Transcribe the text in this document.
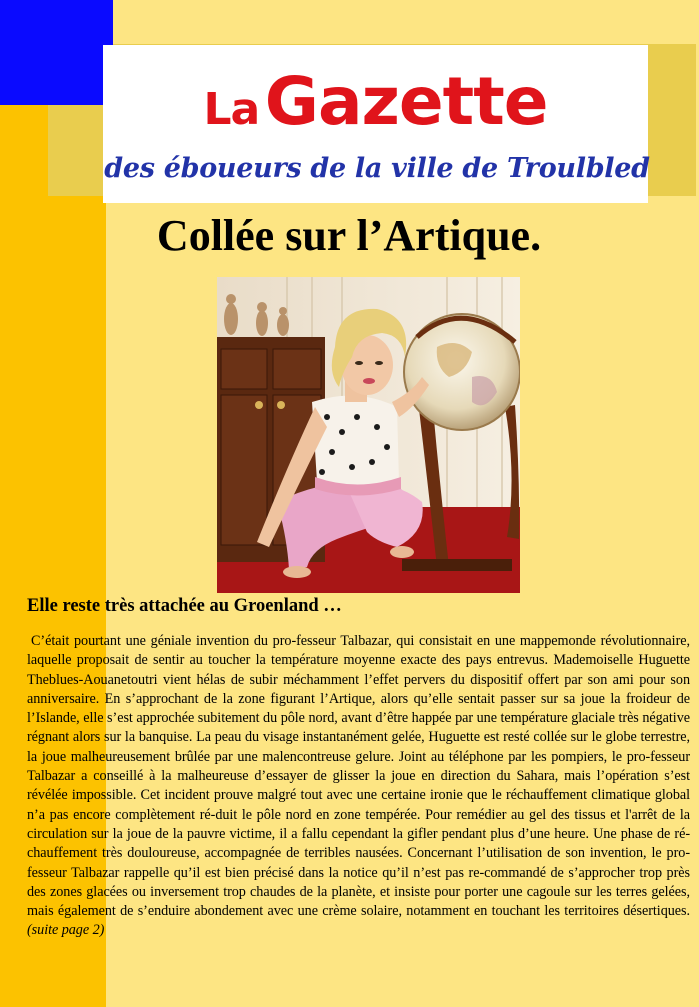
La Gazette
des éboueurs de la ville de Troulbled
Collée sur l’Artique.
Elle reste très attachée au Groenland …

C’était pourtant une géniale invention du pro-fesseur Talbazar, qui consistait en une mappemonde révolutionnaire, laquelle proposait de sentir au toucher la température moyenne exacte des pays entrevus. Mademoiselle Huguette Theblues-Aouanetoutri vient hélas de subir méchamment l’effet pervers du dispositif offert par son ami pour son anniversaire. En s’approchant de la zone figurant l’Artique, alors qu’elle sentait passer sur sa joue la froideur de l’Islande, elle s’est approchée subitement du pôle nord, avant d’être happée par une température glaciale très négative régnant alors sur la banquise. La peau du visage instantanément gelée, Huguette est resté collée sur le globe terrestre, la joue malheureusement brûlée par une malencontreuse gelure. Joint au téléphone par les pompiers, le pro-fesseur Talbazar a conseillé à la malheureuse d’essayer de glisser la joue en direction du Sahara, mais l’opération s’est révélée impossible. Cet incident prouve malgré tout avec une certaine ironie que le réchauffement climatique global n’a pas encore complètement ré-duit le pôle nord en zone tempérée. Pour remédier au gel des tissus et l'arrêt de la circulation sur la joue de la pauvre victime, il a fallu cependant la gifler pendant plus d’une heure. Une phase de ré-chauffement très douloureuse, accompagnée de terribles nausées. Concernant l’utilisation de son invention, le pro-fesseur Talbazar rappelle qu’il est bien précisé dans la notice qu’il n’est pas re-commandé de s’approcher trop près des zones glacées ou inversement trop chaudes de la planète, et insiste pour porter une cagoule sur les terres gelées, mais également de s’enduire abondement avec une crème solaire, notamment en touchant les territoires désertiques. (suite page 2)
